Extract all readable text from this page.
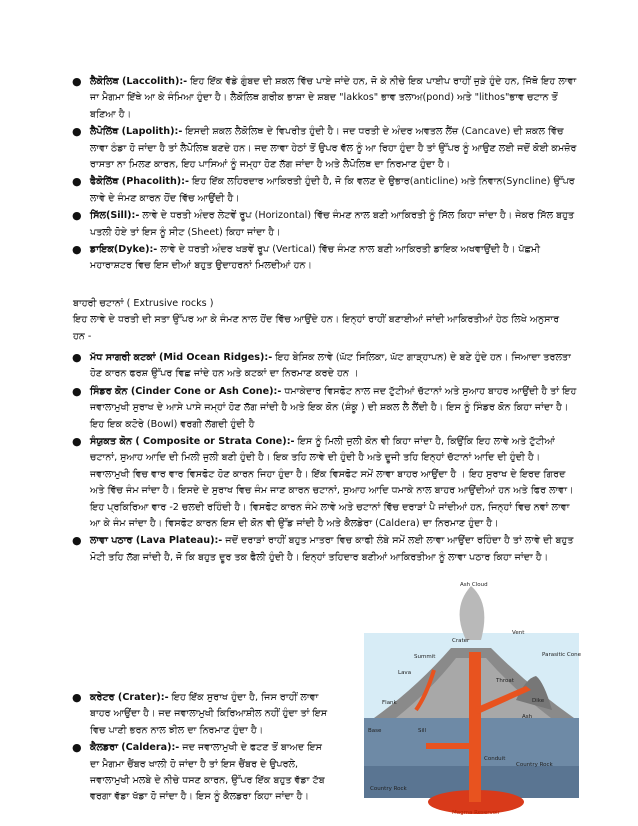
● ਲੈਕੋਲਿਥ (Laccolith):- ਇਹ ਇੱਕ ਵੱਡੇ ਗੁੰਬਦ ਦੀ ਸ਼ਕਲ ਵਿੱਚ ਪਾਏ ਜਾਂਦੇ ਹਨ, ਜੋ ਕੇ ਨੀਚੇ ਇਕ ਪਾਈਪ ਰਾਹੀਂ ਜੁੜੇ ਹੁੰਦੇ ਹਨ, ਜਿੱਥੋ ਇਹ ਲਾਵਾ ਜਾ ਮੈਗਮਾ ਇੱਥੇ ਆ ਕੇ ਜੰਮਿਆ ਹੁੰਦਾ ਹੈ। ਲੈਕੋਲਿਥ ਗਰੀਕ ਭਾਸ਼ਾ ਦੇ ਸ਼ਬਦ "lakkos" ਭਾਵ ਤਲਾਅ(pond) ਅਤੇ "lithos"ਭਾਵ ਚਟਾਨ ਤੋਂ ਬਣਿਆ ਹੈ।
● ਲੈਪੋਲਿੱਥ (Lapolith):- ਇਸਦੀ ਸ਼ਕਲ ਲੈਕੋਲਿਥ ਦੇ ਵਿਪਰੀਤ ਹੁੰਦੀ ਹੈ। ਜਦ ਧਰਤੀ ਦੇ ਅੰਦਰ ਅਵਤਲ ਲੈਂਜ਼ (Cancave) ਦੀ ਸ਼ਕਲ ਵਿੱਚ ਲਾਵਾ ਠੰਡਾ ਹੋ ਜਾਂਦਾ ਹੈ ਤਾਂ ਲੈਪੋਲਿਥ ਬਣਦੇ ਹਨ। ਜਦ ਲਾਵਾ ਹੇਠਾਂ ਤੋਂ ਉਪਰ ਵੱਲ ਨੂੰ ਆ ਰਿਹਾ ਹੁੰਦਾ ਹੈ ਤਾਂ ਉੱਪਰ ਨੂੰ ਆਉਣ ਲਈ ਜਦੋਂ ਕੋਈ ਕਮਜ਼ੋਰ ਰਾਸਤਾ ਨਾ ਮਿਲਣ ਕਾਰਨ, ਇਹ ਪਾਸਿਆਂ ਨੂੰ ਜਮ੍ਹਾ ਹੋਣ ਲੱਗ ਜਾਂਦਾ ਹੈ ਅਤੇ ਲੈਪੋਲਿਥ ਦਾ ਨਿਰਮਾਣ ਹੁੰਦਾ ਹੈ।
● ਫੈਕੋਲਿੱਥ (Phacolith):- ਇਹ ਇੱਕ ਲਹਿਰਦਾਰ ਆਕਿਰਤੀ ਹੁੰਦੀ ਹੈ, ਜੋ ਕਿ ਵਲਣ ਦੇ ਉਭਾਰ(anticline) ਅਤੇ ਨਿਵਾਨ(Syncline) ਉੱਪਰ ਲਾਵੇ ਦੇ ਜੰਮਣ ਕਾਰਨ ਹੋਂਦ ਵਿੱਚ ਆਉਂਦੀ ਹੈ।
● ਸਿੱਲ(Sill):- ਲਾਵੇ ਦੇ ਧਰਤੀ ਅੰਦਰ ਲੇਟਵੇਂ ਰੂਪ (Horizontal) ਵਿੱਚ ਜੰਮਣ ਨਾਲ ਬਣੀ ਆਕਿਰਤੀ ਨੂੰ ਸਿੱਲ ਕਿਹਾ ਜਾਂਦਾ ਹੈ। ਜੇਕਰ ਸਿੱਲ ਬਹੁਤ ਪਤਲੀ ਹੋਏ ਤਾਂ ਇਸ ਨੂੰ ਸੀਟ (Sheet) ਕਿਹਾ ਜਾਂਦਾ ਹੈ।
● ਡਾਇਕ(Dyke):- ਲਾਵੇ ਦੇ ਧਰਤੀ ਅੰਦਰ ਖੜਵੇਂ ਰੂਪ (Vertical) ਵਿੱਚ ਜੰਮਣ ਨਾਲ ਬਣੀ ਆਕਿਰਤੀ ਡਾਇਕ ਅਖਵਾਉਂਦੀ ਹੈ। ਪੱਛਮੀ ਮਹਾਰਾਸ਼ਟਰ ਵਿਚ ਇਸ ਦੀਆਂ ਬਹੁਤ ਉਦਾਹਰਨਾਂ ਮਿਲਦੀਆਂ ਹਨ।
ਬਾਹਰੀ ਚਟਾਨਾਂ ( Extrusive rocks )
ਇਹ ਲਾਵੇ ਦੇ ਧਰਤੀ ਦੀ ਸਤਾ ਉੱਪਰ ਆ ਕੇ ਜੰਮਣ ਨਾਲ ਹੋਂਦ ਵਿੱਚ ਆਉਂਦੇ ਹਨ। ਇਨ੍ਹਾਂ ਰਾਹੀਂ ਬਣਾਈਆਂ ਜਾਂਦੀ ਆਕਿਰਤੀਆਂ ਹੇਠ ਲਿਖੇ ਅਨੁਸਾਰ ਹਨ -
● ਮੱਧ ਸਾਗਰੀ ਕਟਕਾਂ (Mid Ocean Ridges):- ਇਹ ਬੇਸਿਕ ਲਾਵੇ (ਘੱਟ ਸਿਲਿਕਾ, ਘੱਟ ਗਾੜ੍ਹਾਪਨ) ਦੇ ਬਣੇ ਹੁੰਦੇ ਹਨ। ਜਿਆਦਾ ਤਰਲਤਾ ਹੋਣ ਕਾਰਨ ਫਰਸ਼ ਉੱਪਰ ਵਿਛ ਜਾਂਦੇ ਹਨ ਅਤੇ ਕਟਕਾਂ ਦਾ ਨਿਰਮਾਣ ਕਰਦੇ ਹਨ ।
● ਸਿੰਡਰ ਕੋਨ (Cinder Cone or Ash Cone):- ਧਮਾਕੇਦਾਰ ਵਿਸਫੋਟ ਨਾਲ ਜਦ ਟੁੱਟੀਆਂ ਚੱਟਾਨਾਂ ਅਤੇ ਸੁਆਹ ਬਾਹਰ ਆਉਂਦੀ ਹੈ ਤਾਂ ਇਹ ਜਵਾਲਾਮੁਖੀ ਸੁਰਾਖ ਦੇ ਆਸੇ ਪਾਸੇ ਜਮ੍ਹਾਂ ਹੋਣ ਲੱਗ ਜਾਂਦੀ ਹੈ ਅਤੇ ਇਕ ਕੋਨ (ਸ਼ੰਕੂ ) ਦੀ ਸ਼ਕਲ ਲੈ ਲੈਂਦੀ ਹੈ। ਇਸ ਨੂੰ ਸਿੰਡਰ ਕੋਨ ਕਿਹਾ ਜਾਂਦਾ ਹੈ। ਇਹ ਇਕ ਕਟੋਰੇ (Bowl) ਵਰਗੀ ਲੱਗਦੀ ਹੁੰਦੀ ਹੈ
● ਸੰਯੁਕਤ ਕੋਨ ( Composite or Strata Cone):- ਇਸ ਨੂੰ ਮਿਲੀ ਜੁਲੀ ਕੋਨ ਵੀ ਕਿਹਾ ਜਾਂਦਾ ਹੈ, ਕਿਉਂਕਿ ਇਹ ਲਾਵੇ ਅਤੇ ਟੁੱਟੀਆਂ ਚਟਾਨਾਂ, ਸੁਆਹ ਆਦਿ ਦੀ ਮਿਲੀ ਜੁਲੀ ਬਣੀ ਹੁੰਦੀ ਹੈ। ਇਕ ਤਹਿ ਲਾਵੇ ਦੀ ਹੁੰਦੀ ਹੈ ਅਤੇ ਦੂਜੀ ਤਹਿ ਇਨ੍ਹਾਂ ਚੱਟਾਨਾਂ ਆਦਿ ਦੀ ਹੁੰਦੀ ਹੈ। ਜਵਾਲਾਮੁਖੀ ਵਿਚ ਵਾਰ ਵਾਰ ਵਿਸਫੋਟ ਹੋਣ ਕਾਰਨ ਜਿਹਾ ਹੁੰਦਾ ਹੈ। ਇੱਕ ਵਿਸਫੋਟ ਸਮੇਂ ਲਾਵਾ ਬਾਹਰ ਆਉਂਦਾ ਹੈ । ਇਹ ਸੁਰਾਖ ਦੇ ਇਰਦ ਗਿਰਦ ਅਤੇ ਵਿੱਚ ਜੰਮ ਜਾਂਦਾ ਹੈ। ਇਸਦੇ ਦੇ ਸੁਰਾਖ ਵਿਚ ਜੰਮ ਜਾਣ ਕਾਰਨ ਚਟਾਨਾਂ, ਸੁਆਹ ਆਦਿ ਧਮਾਕੇ ਨਾਲ ਬਾਹਰ ਆਉਂਦੀਆਂ ਹਨ ਅਤੇ ਫਿਰ ਲਾਵਾ। ਇਹ ਪ੍ਰਕਿਰਿਆ ਵਾਰ -2 ਚਲਦੀ ਰਹਿੰਦੀ ਹੈ। ਵਿਸਫੋਟ ਕਾਰਨ ਜੰਮੇ ਲਾਵੇ ਅਤੇ ਚਟਾਨਾਂ ਵਿੱਚ ਦਰਾੜਾਂ ਪੈ ਜਾਂਦੀਆਂ ਹਨ, ਜਿਨ੍ਹਾਂ ਵਿਚ ਨਵਾਂ ਲਾਵਾ ਆ ਕੇ ਜੰਮ ਜਾਂਦਾ ਹੈ। ਵਿਸਫੋਟ ਕਾਰਨ ਇਸ ਦੀ ਕੋਨ ਵੀ ਉੱਡ ਜਾਂਦੀ ਹੈ ਅਤੇ ਕੈਲਡੇਰਾ (Caldera) ਦਾ ਨਿਰਮਾਣ ਹੁੰਦਾ ਹੈ।
● ਲਾਵਾ ਪਠਾਰ (Lava Plateau):- ਜਦੋਂ ਦਰਾੜਾਂ ਰਾਹੀਂ ਬਹੁਤ ਮਾਤਰਾ ਵਿਚ ਕਾਫੀ ਲੰਬੇ ਸਮੇਂ ਲਈ ਲਾਵਾ ਆਉਂਦਾ ਰਹਿੰਦਾ ਹੈ ਤਾਂ ਲਾਵੇ ਦੀ ਬਹੁਤ ਮੋਟੀ ਤਹਿ ਲੱਗ ਜਾਂਦੀ ਹੈ, ਜੋ ਕਿ ਬਹੁਤ ਦੂਰ ਤਕ ਫੈਲੀ ਹੁੰਦੀ ਹੈ। ਇਨ੍ਹਾਂ ਤਹਿਦਾਰ ਬਣੀਆਂ ਆਕਿਰਤੀਆ ਨੂੰ ਲਾਵਾ ਪਠਾਰ ਕਿਹਾ ਜਾਂਦਾ ਹੈ।
● ਕਰੇਟਰ (Crater):- ਇਹ ਇੱਕ ਸੁਰਾਖ ਹੁੰਦਾ ਹੈ, ਜਿਸ ਰਾਹੀਂ ਲਾਵਾ ਬਾਹਰ ਆਉਂਦਾ ਹੈ। ਜਦ ਜਵਾਲਾਮੁਖੀ ਕਿਰਿਆਸ਼ੀਲ ਨਹੀਂ ਹੁੰਦਾ ਤਾਂ ਇਸ ਵਿਚ ਪਾਣੀ ਭਰਨ ਨਾਲ ਝੀਲ ਦਾ ਨਿਰਮਾਣ ਹੁੰਦਾ ਹੈ।
● ਕੈਲਡਰਾ (Caldera):- ਜਦ ਜਵਾਲਾਮੁਖੀ ਦੇ ਫਟਣ ਤੋਂ ਬਾਅਦ ਇਸ ਦਾ ਮੈਗਮਾ ਚੈਂਬਰ ਖਾਲੀ ਹੋ ਜਾਂਦਾ ਹੈ ਤਾਂ ਇਸ ਚੈਂਬਰ ਦੇ ਉਪਰਲੇ, ਜਵਾਲਾਮੁਖੀ ਮਲਬੇ ਦੇ ਨੀਚੇ ਧਸਣ ਕਾਰਨ, ਉੱਪਰ ਇੱਕ ਬਹੁਤ ਵੱਡਾ ਟੱਬ ਵਰਗਾ ਵੱਡਾ ਖੱਡਾ ਹੋ ਜਾਂਦਾ ਹੈ। ਇਸ ਨੂੰ ਕੈਲਡਰਾ ਕਿਹਾ ਜਾਂਦਾ ਹੈ।
Ash Cloud
Crater
Summit
Lava
Vent
Parasitic Cone
Flank
Throat
Dike
Ash
Sill
Base
Conduit
Country Rock
Country Rock
Magma Reservoir
